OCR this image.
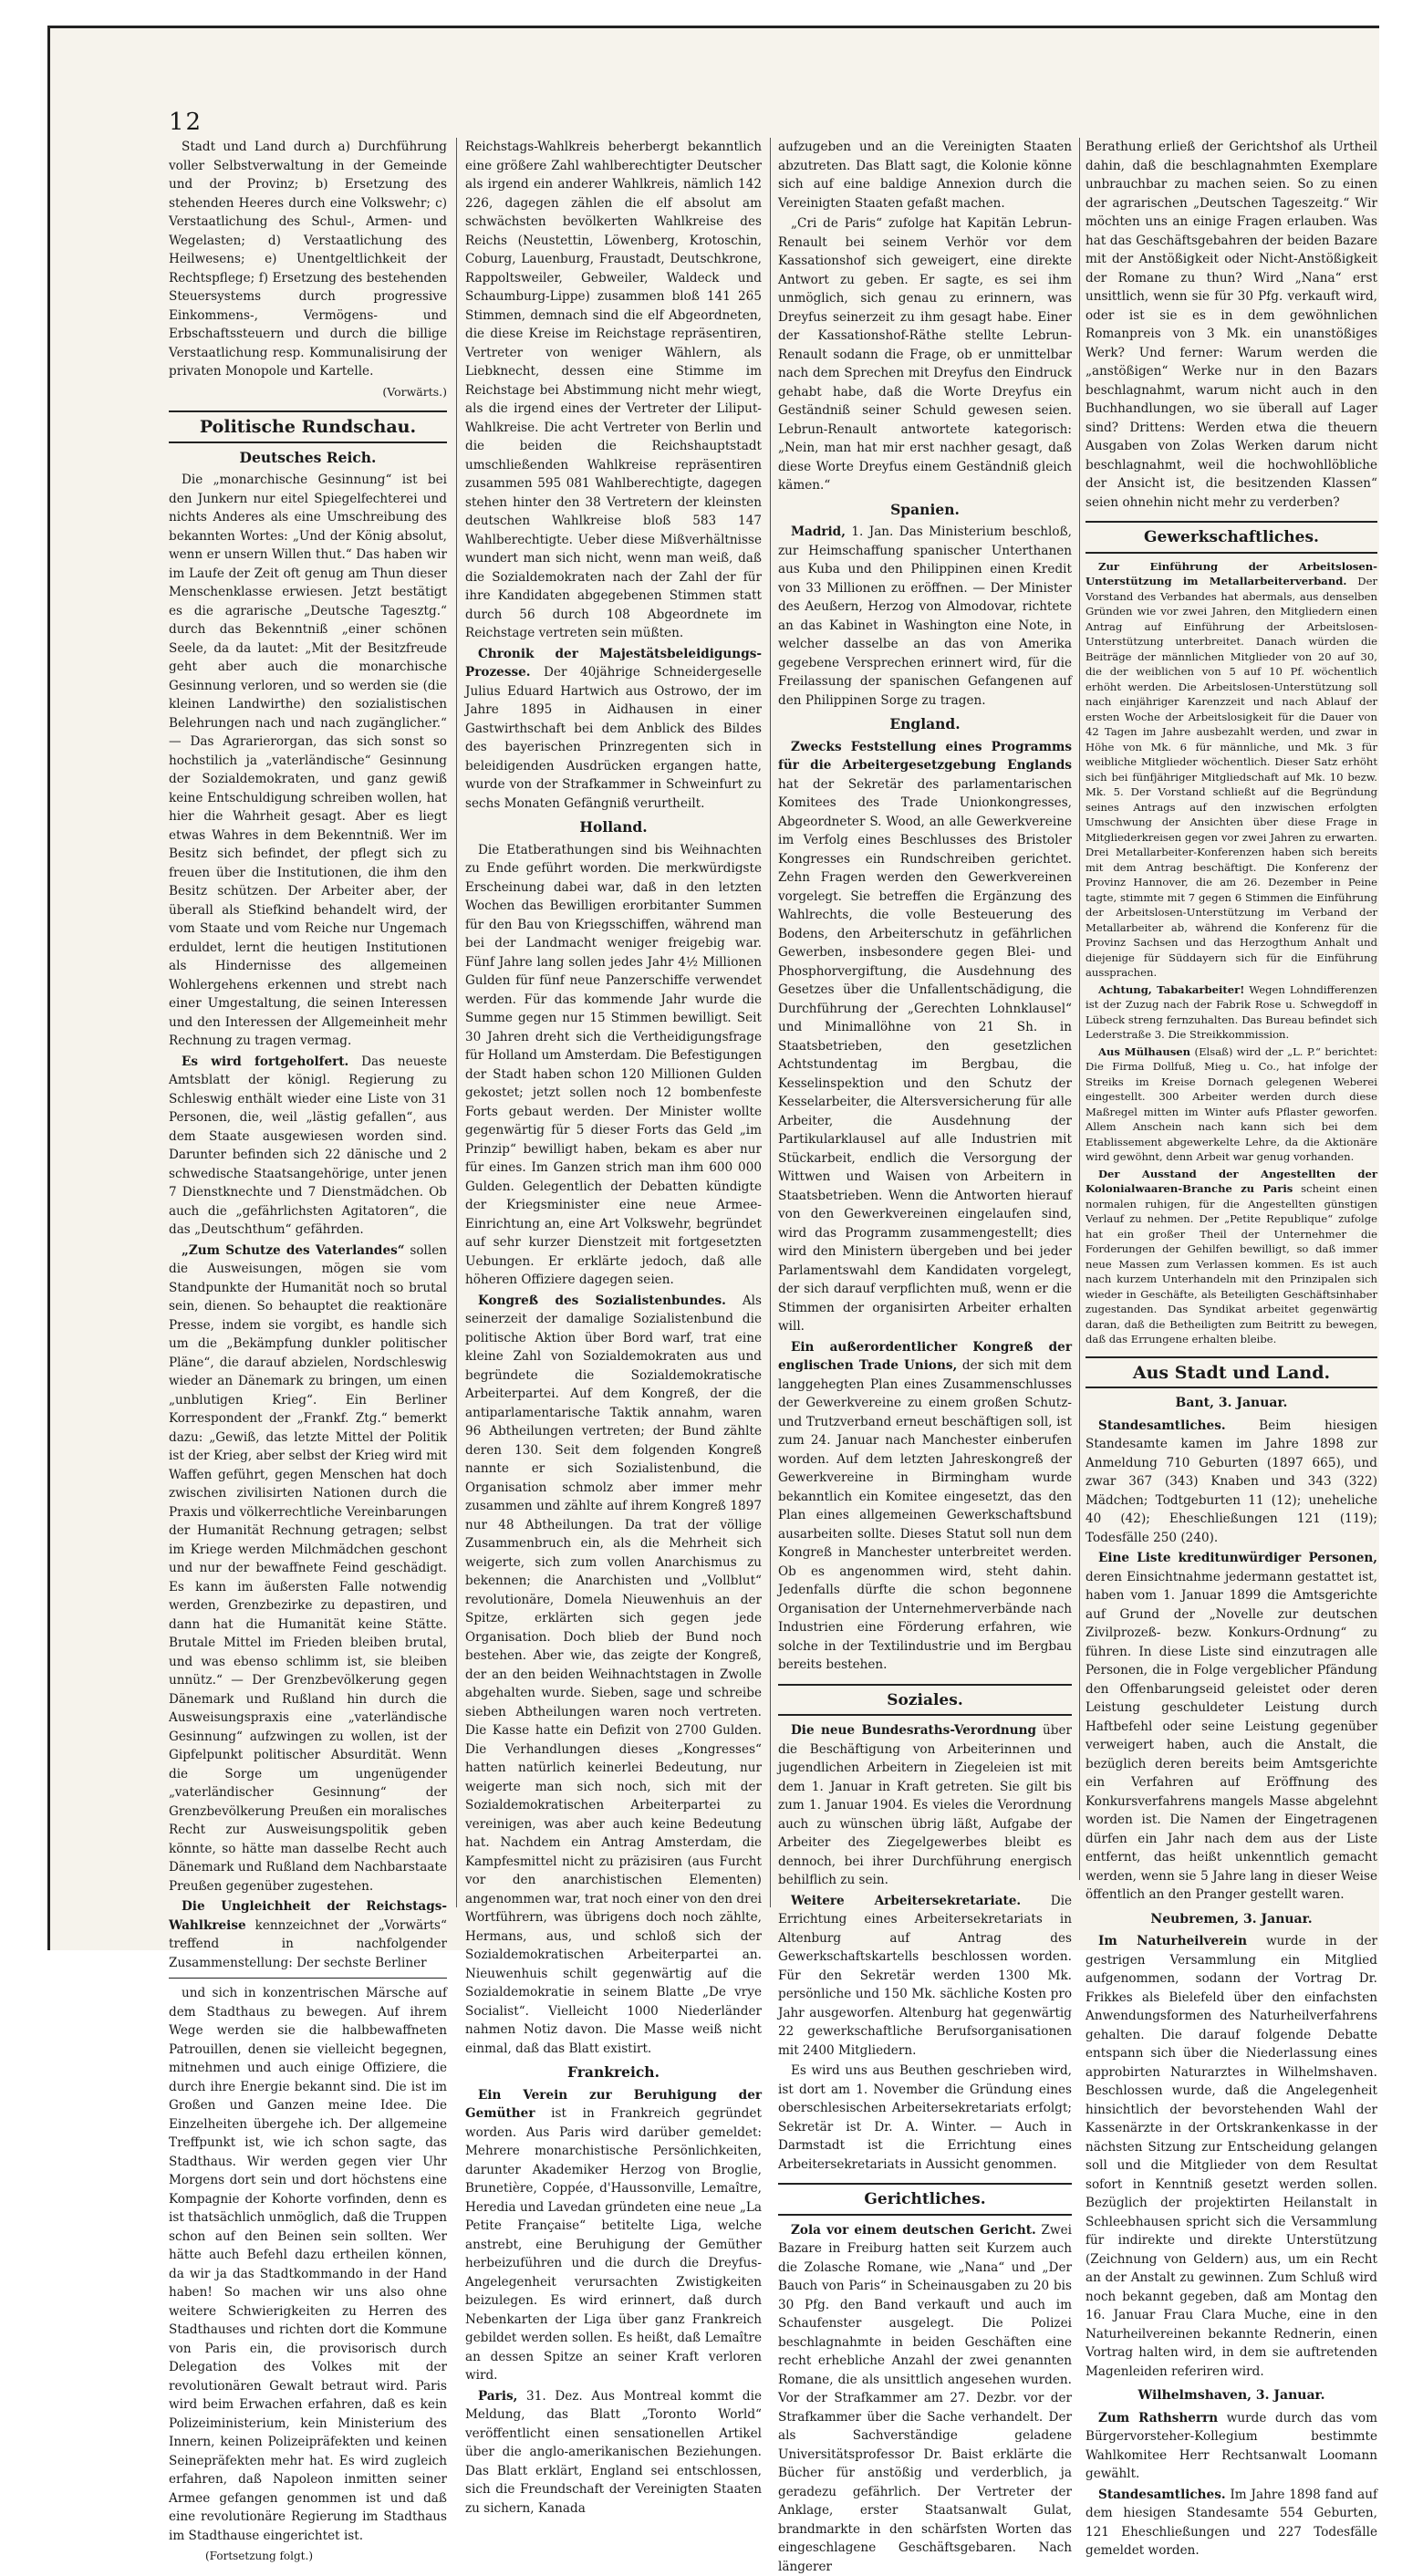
12

Stadt und Land durch a) Durchführung voller Selbstverwaltung in der Gemeinde und der Provinz; b) Ersetzung des stehenden Heeres durch eine Volkswehr; c) Verstaatlichung des Schul-, Armen- und Wegelasten; d) Verstaatlichung des Heilwesens; e) Unentgeltlichkeit der Rechtspflege; f) Ersetzung des bestehenden Steuersystems durch progressive Einkommens-, Vermögens- und Erbschaftssteuern und durch die billige Verstaatlichung resp. Kommunalisirung der privaten Monopole und Kartelle.

(Vorwärts.)
Politische Rundschau.
Deutsches Reich.

Die „monarchische Gesinnung“ ist bei den Junkern nur eitel Spiegelfechterei und nichts Anderes als eine Umschreibung des bekannten Wortes: „Und der König absolut, wenn er unsern Willen thut.“ Das haben wir im Laufe der Zeit oft genug am Thun dieser Menschenklasse erwiesen. Jetzt bestätigt es die agrarische „Deutsche Tagesztg.“ durch das Bekenntniß „einer schönen Seele, da da lautet: „Mit der Besitzfreude geht aber auch die monarchische Gesinnung verloren, und so werden sie (die kleinen Landwirthe) den sozialistischen Belehrungen nach und nach zugänglicher.“ — Das Agrarierorgan, das sich sonst so hochstilich ja „vaterländische“ Gesinnung der Sozialdemokraten, und ganz gewiß keine Entschuldigung schreiben wollen, hat hier die Wahrheit gesagt. Aber es liegt etwas Wahres in dem Bekenntniß. Wer im Besitz sich befindet, der pflegt sich zu freuen über die Institutionen, die ihm den Besitz schützen. Der Arbeiter aber, der überall als Stiefkind behandelt wird, der vom Staate und vom Reiche nur Ungemach erduldet, lernt die heutigen Institutionen als Hindernisse des allgemeinen Wohlergehens erkennen und strebt nach einer Umgestaltung, die seinen Interessen und den Interessen der Allgemeinheit mehr Rechnung zu tragen vermag.

Es wird fortgeholfert. Das neueste Amtsblatt der königl. Regierung zu Schleswig enthält wieder eine Liste von 31 Personen, die, weil „lästig gefallen“, aus dem Staate ausgewiesen worden sind. Darunter befinden sich 22 dänische und 2 schwedische Staatsangehörige, unter jenen 7 Dienstknechte und 7 Dienstmädchen. Ob auch die „gefährlichsten Agitatoren“, die das „Deutschthum“ gefährden.

„Zum Schutze des Vaterlandes“ sollen die Ausweisungen, mögen sie vom Standpunkte der Humanität noch so brutal sein, dienen. So behauptet die reaktionäre Presse, indem sie vorgibt, es handle sich um die „Bekämpfung dunkler politischer Pläne“, die darauf abzielen, Nordschleswig wieder an Dänemark zu bringen, um einen „unblutigen Krieg“. Ein Berliner Korrespondent der „Frankf. Ztg.“ bemerkt dazu: „Gewiß, das letzte Mittel der Politik ist der Krieg, aber selbst der Krieg wird mit Waffen geführt, gegen Menschen hat doch zwischen zivilisirten Nationen durch die Praxis und völkerrechtliche Vereinbarungen der Humanität Rechnung getragen; selbst im Kriege werden Milchmädchen geschont und nur der bewaffnete Feind geschädigt. Es kann im äußersten Falle notwendig werden, Grenzbezirke zu depastiren, und dann hat die Humanität keine Stätte. Brutale Mittel im Frieden bleiben brutal, und was ebenso schlimm ist, sie bleiben unnütz.“ — Der Grenzbevölkerung gegen Dänemark und Rußland hin durch die Ausweisungspraxis eine „vaterländische Gesinnung“ aufzwingen zu wollen, ist der Gipfelpunkt politischer Absurdität. Wenn die Sorge um ungenügender „vaterländischer Gesinnung“ der Grenzbevölkerung Preußen ein moralisches Recht zur Ausweisungspolitik geben könnte, so hätte man dasselbe Recht auch Dänemark und Rußland dem Nachbarstaate Preußen gegenüber zugestehen.

Die Ungleichheit der Reichstags-Wahlkreise kennzeichnet der „Vorwärts“ treffend in nachfolgender Zusammenstellung: Der sechste Berliner

und sich in konzentrischen Märsche auf dem Stadthaus zu bewegen. Auf ihrem Wege werden sie die halbbewaffneten Patrouillen, denen sie vielleicht begegnen, mitnehmen und auch einige Offiziere, die durch ihre Energie bekannt sind. Die ist im Großen und Ganzen meine Idee. Die Einzelheiten übergehe ich. Der allgemeine Treffpunkt ist, wie ich schon sagte, das Stadthaus. Wir werden gegen vier Uhr Morgens dort sein und dort höchstens eine Kompagnie der Kohorte vorfinden, denn es ist thatsächlich unmöglich, daß die Truppen schon auf den Beinen sein sollten. Wer hätte auch Befehl dazu ertheilen können, da wir ja das Stadtkommando in der Hand haben! So machen wir uns also ohne weitere Schwierigkeiten zu Herren des Stadthauses und richten dort die Kommune von Paris ein, die provisorisch durch Delegation des Volkes mit der revolutionären Gewalt betraut wird. Paris wird beim Erwachen erfahren, daß es kein Polizeiministerium, kein Ministerium des Innern, keinen Polizeipräfekten und keinen Seinepräfekten mehr hat. Es wird zugleich erfahren, daß Napoleon inmitten seiner Armee gefangen genommen ist und daß eine revolutionäre Regierung im Stadthaus im Stadthause eingerichtet ist.

(Fortsetzung folgt.)

Reichstags-Wahlkreis beherbergt bekanntlich eine größere Zahl wahlberechtigter Deutscher als irgend ein anderer Wahlkreis, nämlich 142 226, dagegen zählen die elf absolut am schwächsten bevölkerten Wahlkreise des Reichs (Neustettin, Löwenberg, Krotoschin, Coburg, Lauenburg, Fraustadt, Deutschkrone, Rappoltsweiler, Gebweiler, Waldeck und Schaumburg-Lippe) zusammen bloß 141 265 Stimmen, demnach sind die elf Abgeordneten, die diese Kreise im Reichstage repräsentiren, Vertreter von weniger Wählern, als Liebknecht, dessen eine Stimme im Reichstage bei Abstimmung nicht mehr wiegt, als die irgend eines der Vertreter der Liliput-Wahlkreise. Die acht Vertreter von Berlin und die beiden die Reichshauptstadt umschließenden Wahlkreise repräsentiren zusammen 595 081 Wahlberechtigte, dagegen stehen hinter den 38 Vertretern der kleinsten deutschen Wahlkreise bloß 583 147 Wahlberechtigte. Ueber diese Mißverhältnisse wundert man sich nicht, wenn man weiß, daß die Sozialdemokraten nach der Zahl der für ihre Kandidaten abgegebenen Stimmen statt durch 56 durch 108 Abgeordnete im Reichstage vertreten sein müßten.

Chronik der Majestätsbeleidigungs-Prozesse. Der 40jährige Schneidergeselle Julius Eduard Hartwich aus Ostrowo, der im Jahre 1895 in Aidhausen in einer Gastwirthschaft bei dem Anblick des Bildes des bayerischen Prinzregenten sich in beleidigenden Ausdrücken ergangen hatte, wurde von der Strafkammer in Schweinfurt zu sechs Monaten Gefängniß verurtheilt.

Holland.

Die Etatberathungen sind bis Weihnachten zu Ende geführt worden. Die merkwürdigste Erscheinung dabei war, daß in den letzten Wochen das Bewilligen erorbitanter Summen für den Bau von Kriegsschiffen, während man bei der Landmacht weniger freigebig war. Fünf Jahre lang sollen jedes Jahr 4½ Millionen Gulden für fünf neue Panzerschiffe verwendet werden. Für das kommende Jahr wurde die Summe gegen nur 15 Stimmen bewilligt. Seit 30 Jahren dreht sich die Vertheidigungsfrage für Holland um Amsterdam. Die Befestigungen der Stadt haben schon 120 Millionen Gulden gekostet; jetzt sollen noch 12 bombenfeste Forts gebaut werden. Der Minister wollte gegenwärtig für 5 dieser Forts das Geld „im Prinzip“ bewilligt haben, bekam es aber nur für eines. Im Ganzen strich man ihm 600 000 Gulden. Gelegentlich der Debatten kündigte der Kriegsminister eine neue Armee-Einrichtung an, eine Art Volkswehr, begründet auf sehr kurzer Dienstzeit mit fortgesetzten Uebungen. Er erklärte jedoch, daß alle höheren Offiziere dagegen seien.

Kongreß des Sozialistenbundes. Als seinerzeit der damalige Sozialistenbund die politische Aktion über Bord warf, trat eine kleine Zahl von Sozialdemokraten aus und begründete die Sozialdemokratische Arbeiterpartei. Auf dem Kongreß, der die antiparlamentarische Taktik annahm, waren 96 Abtheilungen vertreten; der Bund zählte deren 130. Seit dem folgenden Kongreß nannte er sich Sozialistenbund, die Organisation schmolz aber immer mehr zusammen und zählte auf ihrem Kongreß 1897 nur 48 Abtheilungen. Da trat der völlige Zusammenbruch ein, als die Mehrheit sich weigerte, sich zum vollen Anarchismus zu bekennen; die Anarchisten und „Vollblut“ revolutionäre, Domela Nieuwenhuis an der Spitze, erklärten sich gegen jede Organisation. Doch blieb der Bund noch bestehen. Aber wie, das zeigte der Kongreß, der an den beiden Weihnachtstagen in Zwolle abgehalten wurde. Sieben, sage und schreibe sieben Abtheilungen waren noch vertreten. Die Kasse hatte ein Defizit von 2700 Gulden. Die Verhandlungen dieses „Kongresses“ hatten natürlich keinerlei Bedeutung, nur weigerte man sich noch, sich mit der Sozialdemokratischen Arbeiterpartei zu vereinigen, was aber auch keine Bedeutung hat. Nachdem ein Antrag Amsterdam, die Kampfesmittel nicht zu präzisiren (aus Furcht vor den anarchistischen Elementen) angenommen war, trat noch einer von den drei Wortführern, was übrigens doch noch zählte, Hermans, aus, und schloß sich der Sozialdemokratischen Arbeiterpartei an. Nieuwenhuis schilt gegenwärtig auf die Sozialdemokratie in seinem Blatte „De vrye Socialist“. Vielleicht 1000 Niederländer nahmen Notiz davon. Die Masse weiß nicht einmal, daß das Blatt existirt.

Frankreich.

Ein Verein zur Beruhigung der Gemüther ist in Frankreich gegründet worden. Aus Paris wird darüber gemeldet: Mehrere monarchistische Persönlichkeiten, darunter Akademiker Herzog von Broglie, Brunetière, Coppée, d'Haussonville, Lemaître, Heredia und Lavedan gründeten eine neue „La Petite Française“ betitelte Liga, welche anstrebt, eine Beruhigung der Gemüther herbeizuführen und die durch die Dreyfus-Angelegenheit verursachten Zwistigkeiten beizulegen. Es wird erinnert, daß durch Nebenkarten der Liga über ganz Frankreich gebildet werden sollen. Es heißt, daß Lemaître an dessen Spitze an seiner Kraft verloren wird.

Paris, 31. Dez. Aus Montreal kommt die Meldung, das Blatt „Toronto World“ veröffentlicht einen sensationellen Artikel über die anglo-amerikanischen Beziehungen. Das Blatt erklärt, England sei entschlossen, sich die Freundschaft der Vereinigten Staaten zu sichern, Kanada

aufzugeben und an die Vereinigten Staaten abzutreten. Das Blatt sagt, die Kolonie könne sich auf eine baldige Annexion durch die Vereinigten Staaten gefaßt machen.

„Cri de Paris“ zufolge hat Kapitän Lebrun-Renault bei seinem Verhör vor dem Kassationshof sich geweigert, eine direkte Antwort zu geben. Er sagte, es sei ihm unmöglich, sich genau zu erinnern, was Dreyfus seinerzeit zu ihm gesagt habe. Einer der Kassationshof-Räthe stellte Lebrun-Renault sodann die Frage, ob er unmittelbar nach dem Sprechen mit Dreyfus den Eindruck gehabt habe, daß die Worte Dreyfus ein Geständniß seiner Schuld gewesen seien. Lebrun-Renault antwortete kategorisch: „Nein, man hat mir erst nachher gesagt, daß diese Worte Dreyfus einem Geständniß gleich kämen.“

Spanien.

Madrid, 1. Jan. Das Ministerium beschloß, zur Heimschaffung spanischer Unterthanen aus Kuba und den Philippinen einen Kredit von 33 Millionen zu eröffnen. — Der Minister des Aeußern, Herzog von Almodovar, richtete an das Kabinet in Washington eine Note, in welcher dasselbe an das von Amerika gegebene Versprechen erinnert wird, für die Freilassung der spanischen Gefangenen auf den Philippinen Sorge zu tragen.

England.

Zwecks Feststellung eines Programms für die Arbeitergesetzgebung Englands hat der Sekretär des parlamentarischen Komitees des Trade Unionkongresses, Abgeordneter S. Wood, an alle Gewerkvereine im Verfolg eines Beschlusses des Bristoler Kongresses ein Rundschreiben gerichtet. Zehn Fragen werden den Gewerkvereinen vorgelegt. Sie betreffen die Ergänzung des Wahlrechts, die volle Besteuerung des Bodens, den Arbeiterschutz in gefährlichen Gewerben, insbesondere gegen Blei- und Phosphorvergiftung, die Ausdehnung des Gesetzes über die Unfallentschädigung, die Durchführung der „Gerechten Lohnklausel“ und Minimallöhne von 21 Sh. in Staatsbetrieben, den gesetzlichen Achtstundentag im Bergbau, die Kesselinspektion und den Schutz der Kesselarbeiter, die Altersversicherung für alle Arbeiter, die Ausdehnung der Partikularklausel auf alle Industrien mit Stückarbeit, endlich die Versorgung der Wittwen und Waisen von Arbeitern in Staatsbetrieben. Wenn die Antworten hierauf von den Gewerkvereinen eingelaufen sind, wird das Programm zusammengestellt; dies wird den Ministern übergeben und bei jeder Parlamentswahl dem Kandidaten vorgelegt, der sich darauf verpflichten muß, wenn er die Stimmen der organisirten Arbeiter erhalten will.

Ein außerordentlicher Kongreß der englischen Trade Unions, der sich mit dem langgehegten Plan eines Zusammenschlusses der Gewerkvereine zu einem großen Schutz- und Trutzverband erneut beschäftigen soll, ist zum 24. Januar nach Manchester einberufen worden. Auf dem letzten Jahreskongreß der Gewerkvereine in Birmingham wurde bekanntlich ein Komitee eingesetzt, das den Plan eines allgemeinen Gewerkschaftsbund ausarbeiten sollte. Dieses Statut soll nun dem Kongreß in Manchester unterbreitet werden. Ob es angenommen wird, steht dahin. Jedenfalls dürfte die schon begonnene Organisation der Unternehmerverbände nach Industrien eine Förderung erfahren, wie solche in der Textilindustrie und im Bergbau bereits bestehen.

Soziales.

Die neue Bundesraths-Verordnung über die Beschäftigung von Arbeiterinnen und jugendlichen Arbeitern in Ziegeleien ist mit dem 1. Januar in Kraft getreten. Sie gilt bis zum 1. Januar 1904. Es vieles die Verordnung auch zu wünschen übrig läßt, Aufgabe der Arbeiter des Ziegelgewerbes bleibt es dennoch, bei ihrer Durchführung energisch behilflich zu sein.

Weitere Arbeitersekretariate. Die Errichtung eines Arbeitersekretariats in Altenburg auf Antrag des Gewerkschaftskartells beschlossen worden. Für den Sekretär werden 1300 Mk. persönliche und 150 Mk. sächliche Kosten pro Jahr ausgeworfen. Altenburg hat gegenwärtig 22 gewerkschaftliche Berufsorganisationen mit 2400 Mitgliedern.

Es wird uns aus Beuthen geschrieben wird, ist dort am 1. November die Gründung eines oberschlesischen Arbeitersekretariats erfolgt; Sekretär ist Dr. A. Winter. — Auch in Darmstadt ist die Errichtung eines Arbeitersekretariats in Aussicht genommen.

Gerichtliches.

Zola vor einem deutschen Gericht. Zwei Bazare in Freiburg hatten seit Kurzem auch die Zolasche Romane, wie „Nana“ und „Der Bauch von Paris“ in Scheinausgaben zu 20 bis 30 Pfg. den Band verkauft und auch im Schaufenster ausgelegt. Die Polizei beschlagnahmte in beiden Geschäften eine recht erhebliche Anzahl der zwei genannten Romane, die als unsittlich angesehen wurden. Vor der Strafkammer am 27. Dezbr. vor der Strafkammer über die Sache verhandelt. Der als Sachverständige geladene Universitätsprofessor Dr. Baist erklärte die Bücher für anstößig und verderblich, ja geradezu gefährlich. Der Vertreter der Anklage, erster Staatsanwalt Gulat, brandmarkte in den schärfsten Worten das eingeschlagene Geschäftsgebaren. Nach längerer

Berathung erließ der Gerichtshof als Urtheil dahin, daß die beschlagnahmten Exemplare unbrauchbar zu machen seien. So zu einen der agrarischen „Deutschen Tageszeitg.“ Wir möchten uns an einige Fragen erlauben. Was hat das Geschäftsgebahren der beiden Bazare mit der Anstößigkeit oder Nicht-Anstößigkeit der Romane zu thun? Wird „Nana“ erst unsittlich, wenn sie für 30 Pfg. verkauft wird, oder ist sie es in dem gewöhnlichen Romanpreis von 3 Mk. ein unanstößiges Werk? Und ferner: Warum werden die „anstößigen“ Werke nur in den Bazars beschlagnahmt, warum nicht auch in den Buchhandlungen, wo sie überall auf Lager sind? Drittens: Werden etwa die theuern Ausgaben von Zolas Werken darum nicht beschlagnahmt, weil die hochwohllöbliche der Ansicht ist, die besitzenden Klassen“ seien ohnehin nicht mehr zu verderben?

Gewerkschaftliches.

Zur Einführung der Arbeitslosen-Unterstützung im Metallarbeiterverband. Der Vorstand des Verbandes hat abermals, aus denselben Gründen wie vor zwei Jahren, den Mitgliedern einen Antrag auf Einführung der Arbeitslosen-Unterstützung unterbreitet. Danach würden die Beiträge der männlichen Mitglieder von 20 auf 30, die der weiblichen von 5 auf 10 Pf. wöchentlich erhöht werden. Die Arbeitslosen-Unterstützung soll nach einjähriger Karenzzeit und nach Ablauf der ersten Woche der Arbeitslosigkeit für die Dauer von 42 Tagen im Jahre ausbezahlt werden, und zwar in Höhe von Mk. 6 für männliche, und Mk. 3 für weibliche Mitglieder wöchentlich. Dieser Satz erhöht sich bei fünfjähriger Mitgliedschaft auf Mk. 10 bezw. Mk. 5. Der Vorstand schließt auf die Begründung seines Antrags auf den inzwischen erfolgten Umschwung der Ansichten über diese Frage in Mitgliederkreisen gegen vor zwei Jahren zu erwarten. Drei Metallarbeiter-Konferenzen haben sich bereits mit dem Antrag beschäftigt. Die Konferenz der Provinz Hannover, die am 26. Dezember in Peine tagte, stimmte mit 7 gegen 6 Stimmen die Einführung der Arbeitslosen-Unterstützung im Verband der Metallarbeiter ab, während die Konferenz für die Provinz Sachsen und das Herzogthum Anhalt und diejenige für Süddayern sich für die Einführung aussprachen.

Achtung, Tabakarbeiter! Wegen Lohndifferenzen ist der Zuzug nach der Fabrik Rose u. Schwegdoff in Lübeck streng fernzuhalten. Das Bureau befindet sich Lederstraße 3. Die Streikkommission.

Aus Mülhausen (Elsaß) wird der „L. P.“ berichtet: Die Firma Dollfuß, Mieg u. Co., hat infolge der Streiks im Kreise Dornach gelegenen Weberei eingestellt. 300 Arbeiter werden durch diese Maßregel mitten im Winter aufs Pflaster geworfen. Allem Anschein nach kann sich bei dem Etablissement abgewerkelte Lehre, da die Aktionäre wird gewöhnt, denn Arbeit war genug vorhanden.

Der Ausstand der Angestellten der Kolonialwaaren-Branche zu Paris scheint einen normalen ruhigen, für die Angestellten günstigen Verlauf zu nehmen. Der „Petite Republique“ zufolge hat ein großer Theil der Unternehmer die Forderungen der Gehilfen bewilligt, so daß immer neue Massen zum Verlassen kommen. Es ist auch nach kurzem Unterhandeln mit den Prinzipalen sich wieder in Geschäfte, als Beteiligten Geschäftsinhaber zugestanden. Das Syndikat arbeitet gegenwärtig daran, daß die Betheiligten zum Beitritt zu bewegen, daß das Errungene erhalten bleibe.

Aus Stadt und Land.
Bant, 3. Januar.

Standesamtliches.	Beim hiesigen Standesamte kamen im Jahre 1898 zur Anmeldung 710 Geburten (1897 665), und zwar 367 (343) Knaben und 343 (322) Mädchen; Todtgeburten 11 (12); uneheliche 40 (42); Eheschließungen 121 (119); Todesfälle 250 (240).

Eine Liste kreditunwürdiger Personen, deren Einsichtnahme jedermann gestattet ist, haben vom 1. Januar 1899 die Amtsgerichte auf Grund der „Novelle zur deutschen Zivilprozeß- bezw. Konkurs-Ordnung“ zu führen. In diese Liste sind einzutragen alle Personen, die in Folge vergeblicher Pfändung den Offenbarungseid geleistet oder deren Leistung geschuldeter Leistung durch Haftbefehl oder seine Leistung gegenüber verweigert haben, auch die Anstalt, die bezüglich deren bereits beim Amtsgerichte ein Verfahren auf Eröffnung des Konkursverfahrens mangels Masse abgelehnt worden ist. Die Namen der Eingetragenen dürfen ein Jahr nach dem aus der Liste entfernt, das heißt unkenntlich gemacht werden, wenn sie 5 Jahre lang in dieser Weise öffentlich an den Pranger gestellt waren.

Neubremen, 3. Januar.

Im Naturheilverein wurde in der gestrigen Versammlung ein Mitglied aufgenommen, sodann der Vortrag Dr. Frikkes als Bielefeld über den einfachsten Anwendungsformen des Naturheilverfahrens gehalten. Die darauf folgende Debatte entspann sich über die Niederlassung eines approbirten Naturarztes in Wilhelmshaven. Beschlossen wurde, daß die Angelegenheit hinsichtlich der bevorstehenden Wahl der Kassenärzte in der Ortskrankenkasse in der nächsten Sitzung zur Entscheidung gelangen soll und die Mitglieder von dem Resultat sofort in Kenntniß gesetzt werden sollen. Bezüglich der projektirten Heilanstalt in Schleebhausen spricht sich die Versammlung für indirekte und direkte Unterstützung (Zeichnung von Geldern) aus, um ein Recht an der Anstalt zu gewinnen. Zum Schluß wird noch bekannt gegeben, daß am Montag den 16. Januar Frau Clara Muche, eine in den Naturheilvereinen bekannte Rednerin, einen Vortrag halten wird, in dem sie auftretenden Magenleiden referiren wird.

Wilhelmshaven, 3. Januar.

Zum Rathsherrn wurde durch das vom Bürgervorsteher-Kollegium bestimmte Wahlkomitee Herr Rechtsanwalt Loomann gewählt.

Standesamtliches. Im Jahre 1898 fand auf dem hiesigen Standesamte 554 Geburten, 121 Eheschließungen und 227 Todesfälle gemeldet worden.
